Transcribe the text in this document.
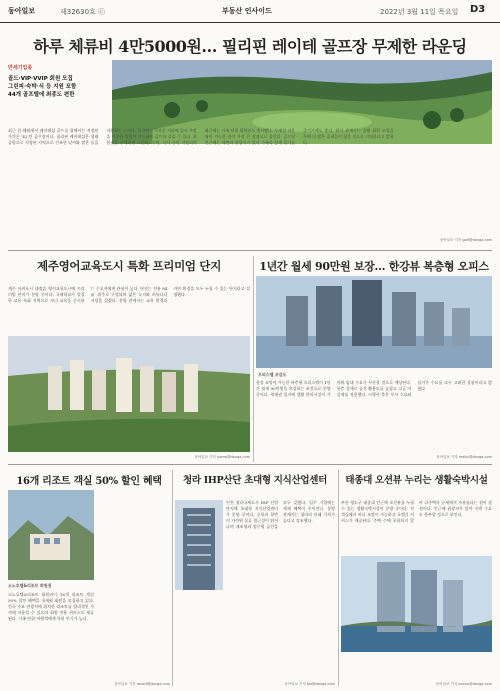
동아일보	제32630호 ⓒ	부동산 인사이드	2022년 3월 11일 목요일 D3
하루 체류비 4만5000원… 필리핀 레이테 골프장 무제한 라운딩
반세기업종
골드·VIP·VVIP 회원 모집
그린피·숙박·식 등 지원 포함
44개 골프텔에 최종도 편한
최근 한 해외에서 레이테섬 골프를 위해서는 지정된 가격은 '42'인 골프장이다. 필리핀 레이테섬은 생태 공원으로 지정된 지역으로 건조한 날씨와 맑은 물을 자랑하는 곳이다. 한국에서 가까운 거리에 있어 주말을 이용한 휴양이 가능하며 골프를 즐길 수 있다. 회원권을 구매하면 그린피, 숙박, 식사 등이 지원되며 최근에는 가족 단위 회원권도 출시됐다. 무제한 라운딩이 가능한 점이 가장 큰 장점으로 꼽힌다. 골프장 인근에는 해변과 관광지가 있어 가족과 함께 휴가를 즐기기에도 좋다. 현지 관계자는 올해 회원 모집을 통해 더 많은 골퍼들이 찾을 것으로 기대한다고 밝혔다.
동아일보 기자 golf@donga.com
제주영어교육도시 특화 프리미엄 단지
제주 서귀포시 대정읍 영어교육도시에 프리미엄 단지가 분양 중이다. 국제학교가 밀집한 교육 특화 지역으로 자녀 교육을 중시하는 수요자에게 관심이 높다. 단지는 전용 84㎡ 위주로 구성되며 넓은 녹지와 커뮤니티 시설을 갖췄다. 분양 관계자는 교육 환경과 자연 환경을 모두 누릴 수 있는 단지라고 설명했다.
동아일보 기자 home@donga.com
1년간 월세 90만원 보장… 한강뷰 복층형 오피스
오피스텔 조감도
한강 조망이 가능한 복층형 오피스텔이 1년간 월세 90만원을 보장하는 조건으로 분양 중이다. 역세권 입지에 생활 편의시설이 가까워 임대 수요가 꾸준할 것으로 예상된다. 복층 설계로 공간 활용도를 높였고 고급 마감재를 적용했다. 시행사 측은 투자 수요와 실거주 수요를 모두 고려한 상품이라고 밝혔다.
동아일보 기자 realty@donga.com
16개 리조트 객실 50% 할인 혜택
소노호텔&리조트 회원권
소노호텔&리조트 회원권이 16개 리조트 객실 50% 할인 혜택을 내세워 회원을 모집하고 있다. 전국 주요 관광지에 위치한 리조트를 합리적인 가격에 이용할 수 있으며 회원 전용 서비스도 제공된다. 가족 단위 여행객에게 특히 인기가 높다.
동아일보 기자 resort@donga.com
청라 IHP산단 초대형 지식산업센터
인천 청라국제도시 IHP 산업단지에 초대형 지식산업센터가 분양 중이다. 공항과 항만이 가까워 물류 접근성이 뛰어나며 제조형과 업무형 공간을 모두 갖췄다. 입주 기업에는 세제 혜택이 주어진다. 분양 관계자는 청라의 미래 가치가 높다고 강조했다.
동아일보 기자 biz@donga.com
태종대 오션뷰 누리는 생활숙박시설
부산 영도구 태종대 인근에 오션뷰를 누릴 수 있는 생활숙박시설이 분양 중이다. 전 객실에서 바다 조망이 가능하고 호텔식 서비스가 제공된다. 주택 수에 포함되지 않아 다주택자 규제에서 자유롭다는 점이 장점이다. 인근에 관광지가 많아 숙박 수요도 풍부할 것으로 보인다.
동아일보 기자 ocean@donga.com
